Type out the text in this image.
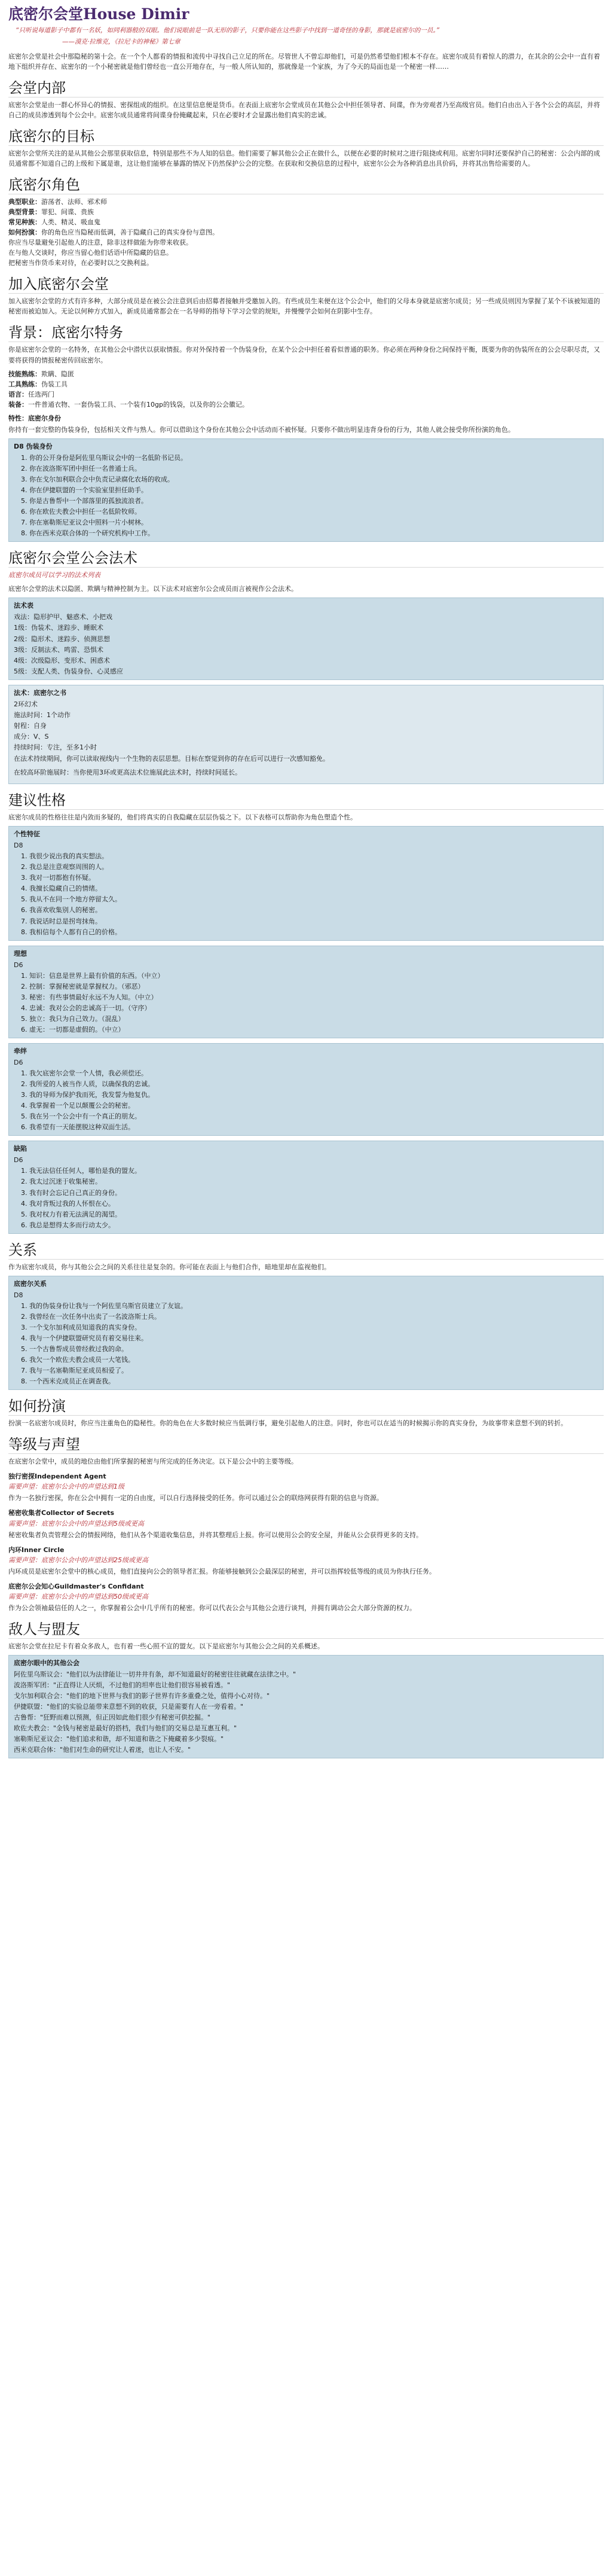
底密尔会堂House Dimir

“只听说每道影子中都有一名妖，如同利器般的双眼。他们说眼前是一队无形的影子，只要你能在这些影子中找到一道奇怪的身影，那就是底密尔的一员。”

——漠克·拉维克，《拉尼卡的神秘》第七章

底密尔会堂是社会中那隐秘的第十会。在一个个人都看的情报和流传中寻找自己立足的所在。尽管世人不曾忘却他们，可是仍然希望他们根本不存在。底密尔成员有着惊人的潜力，在其余的公会中一直有着地下组织并存在、底密尔的一个小秘密就是他们曾经也一直公开地存在，与一般人所认知的，那就像是一个家族，为了今天的局面也是一个秘密一样……

会堂内部

底密尔会堂是由一群心怀异心的情报、密探组成的组织。在这里信息便是货币。在表面上底密尔会堂成员在其他公会中担任领导者、间谍，作为旁观者乃至高级官员。他们自由出入于各个公会的高层，并将自己的成员渗透到每个公会中。底密尔成员通常将间谍身份掩藏起来，只在必要时才会显露出他们真实的忠诚。

底密尔的目标

底密尔会堂所关注的是从其他公会那里获取信息，特别是那些不为人知的信息。他们需要了解其他公会正在做什么，以便在必要的时候对之进行阻挠或利用。底密尔同时还要保护自己的秘密：公会内部的成员通常都不知道自己的上级和下属是谁，这让他们能够在暴露的情况下仍然保护公会的完整。在获取和交换信息的过程中，底密尔公会为各种消息出具价码，并将其出售给需要的人。

底密尔角色

典型职业：游荡者、法师、邪术师

典型背景：罪犯、间谍、贵族

常见种族：人类、精灵、吸血鬼

如何扮演：你的角色应当隐秘而低调，善于隐藏自己的真实身份与意图。

你应当尽量避免引起他人的注意，除非这样做能为你带来收获。

在与他人交谈时，你应当留心他们话语中所隐藏的信息。

把秘密当作货币来对待，在必要时以之交换利益。

加入底密尔会堂

加入底密尔会堂的方式有许多种，大部分成员是在被公会注意到后由招募者接触并受邀加入的。有些成员生来便在这个公会中，他们的父母本身就是底密尔成员；另一些成员则因为掌握了某个不该被知道的秘密而被迫加入。无论以何种方式加入，新成员通常都会在一名导师的指导下学习会堂的规矩，并慢慢学会如何在阴影中生存。

背景：底密尔特务

你是底密尔会堂的一名特务，在其他公会中潜伏以获取情报。你对外保持着一个伪装身份，在某个公会中担任着看似普通的职务。你必须在两种身份之间保持平衡，既要为你的伪装所在的公会尽职尽责，又要将获得的情报秘密传回底密尔。

技能熟练：欺瞒、隐匿

工具熟练：伪装工具

语言：任选两门

装备：一件普通衣物、一套伪装工具、一个装有10gp的钱袋，以及你的公会徽记。

特性：底密尔身份

你持有一套完整的伪装身份，包括相关文件与熟人。你可以借助这个身份在其他公会中活动而不被怀疑。只要你不做出明显违背身份的行为，其他人就会接受你所扮演的角色。

D8 伪装身份

1. 你的公开身份是阿佐里乌斯议会中的一名低阶书记员。
2. 你在波洛斯军团中担任一名普通士兵。
3. 你在戈尔加利联合会中负责记录腐化农场的收成。
4. 你在伊捷联盟的一个实验室里担任助手。
5. 你是古鲁帮中一个部落里的孤独流浪者。
6. 你在欧佐夫教会中担任一名低阶牧师。
7. 你在塞勒斯尼亚议会中照料一片小树林。
8. 你在西米克联合体的一个研究机构中工作。
底密尔会堂公会法术

底密尔成员可以学习的法术列表

底密尔会堂的法术以隐匿、欺瞒与精神控制为主。以下法术对底密尔公会成员而言被视作公会法术。

法术表

戏法：隐形护甲、魅惑术、小把戏

1级：伪装术、迷踪步、睡眠术

2级：隐形术、迷踪步、侦测思想

3级：反制法术、鸣雷、恐惧术

4级：次级隐形、变形术、困惑术

5级：支配人类、伪装身份、心灵感应

法术：底密尔之书

2环幻术

施法时间：1个动作

射程：自身

成分：V、S

持续时间：专注，至多1小时

在法术持续期间，你可以读取视线内一个生物的表层思想。目标在察觉到你的存在后可以进行一次感知豁免。

在较高环阶施展时：当你使用3环或更高法术位施展此法术时，持续时间延长。

建议性格

底密尔成员的性格往往是内敛而多疑的，他们将真实的自我隐藏在层层伪装之下。以下表格可以帮助你为角色塑造个性。

个性特征

D8

1. 我很少说出我的真实想法。
2. 我总是注意观察周围的人。
3. 我对一切都抱有怀疑。
4. 我擅长隐藏自己的情绪。
5. 我从不在同一个地方停留太久。
6. 我喜欢收集别人的秘密。
7. 我说话时总是拐弯抹角。
8. 我相信每个人都有自己的价格。

理想

D6

1. 知识：信息是世界上最有价值的东西。（中立）
2. 控制：掌握秘密就是掌握权力。（邪恶）
3. 秘密：有些事情最好永远不为人知。（中立）
4. 忠诚：我对公会的忠诚高于一切。（守序）
5. 独立：我只为自己效力。（混乱）
6. 虚无：一切都是虚假的。（中立）

牵绊

D6

1. 我欠底密尔会堂一个人情，我必须偿还。
2. 我所爱的人被当作人质，以确保我的忠诚。
3. 我的导师为保护我而死，我发誓为他复仇。
4. 我掌握着一个足以颠覆公会的秘密。
5. 我在另一个公会中有一个真正的朋友。
6. 我希望有一天能摆脱这种双面生活。

缺陷

D6

1. 我无法信任任何人，哪怕是我的盟友。
2. 我太过沉迷于收集秘密。
3. 我有时会忘记自己真正的身份。
4. 我对背叛过我的人怀恨在心。
5. 我对权力有着无法满足的渴望。
6. 我总是想得太多而行动太少。
关系

作为底密尔成员，你与其他公会之间的关系往往是复杂的。你可能在表面上与他们合作，暗地里却在监视他们。

底密尔关系

D8

1. 我的伪装身份让我与一个阿佐里乌斯官员建立了友谊。
2. 我曾经在一次任务中出卖了一名波洛斯士兵。
3. 一个戈尔加利成员知道我的真实身份。
4. 我与一个伊捷联盟研究员有着交易往来。
5. 一个古鲁帮成员曾经救过我的命。
6. 我欠一个欧佐夫教会成员一大笔钱。
7. 我与一名塞勒斯尼亚成员相爱了。
8. 一个西米克成员正在调查我。
如何扮演

扮演一名底密尔成员时，你应当注重角色的隐秘性。你的角色在大多数时候应当低调行事，避免引起他人的注意。同时，你也可以在适当的时候揭示你的真实身份，为故事带来意想不到的转折。

等级与声望

在底密尔会堂中，成员的地位由他们所掌握的秘密与所完成的任务决定。以下是公会中的主要等级。

独行密探Independent Agent

需要声望：底密尔公会中的声望达到1级

作为一名独行密探，你在公会中拥有一定的自由度，可以自行选择接受的任务。你可以通过公会的联络网获得有限的信息与资源。

秘密收集者Collector of Secrets

需要声望：底密尔公会中的声望达到5级或更高

秘密收集者负责管理公会的情报网络，他们从各个渠道收集信息，并将其整理后上报。你可以使用公会的安全屋，并能从公会获得更多的支持。

内环Inner Circle

需要声望：底密尔公会中的声望达到25级或更高

内环成员是底密尔会堂中的核心成员，他们直接向公会的领导者汇报。你能够接触到公会最深层的秘密，并可以指挥较低等级的成员为你执行任务。

底密尔公会知心Guildmaster's Confidant

需要声望：底密尔公会中的声望达到50级或更高

作为公会领袖最信任的人之一，你掌握着公会中几乎所有的秘密。你可以代表公会与其他公会进行谈判，并拥有调动公会大部分资源的权力。

敌人与盟友

底密尔会堂在拉尼卡有着众多敌人，也有着一些心照不宣的盟友。以下是底密尔与其他公会之间的关系概述。

底密尔眼中的其他公会

阿佐里乌斯议会："他们以为法律能让一切井井有条，却不知道最好的秘密往往就藏在法律之中。"

波洛斯军团："正直得让人厌烦，不过他们的坦率也让他们很容易被看透。"

戈尔加利联合会："他们的地下世界与我们的影子世界有许多重叠之处，值得小心对待。"

伊捷联盟："他们的实验总能带来意想不到的收获，只是需要有人在一旁看着。"

古鲁帮："狂野而难以预测，但正因如此他们很少有秘密可供挖掘。"

欧佐夫教会："金钱与秘密是最好的搭档，我们与他们的交易总是互惠互利。"

塞勒斯尼亚议会："他们追求和谐，却不知道和谐之下掩藏着多少裂痕。"

西米克联合体："他们对生命的研究让人着迷，也让人不安。"
